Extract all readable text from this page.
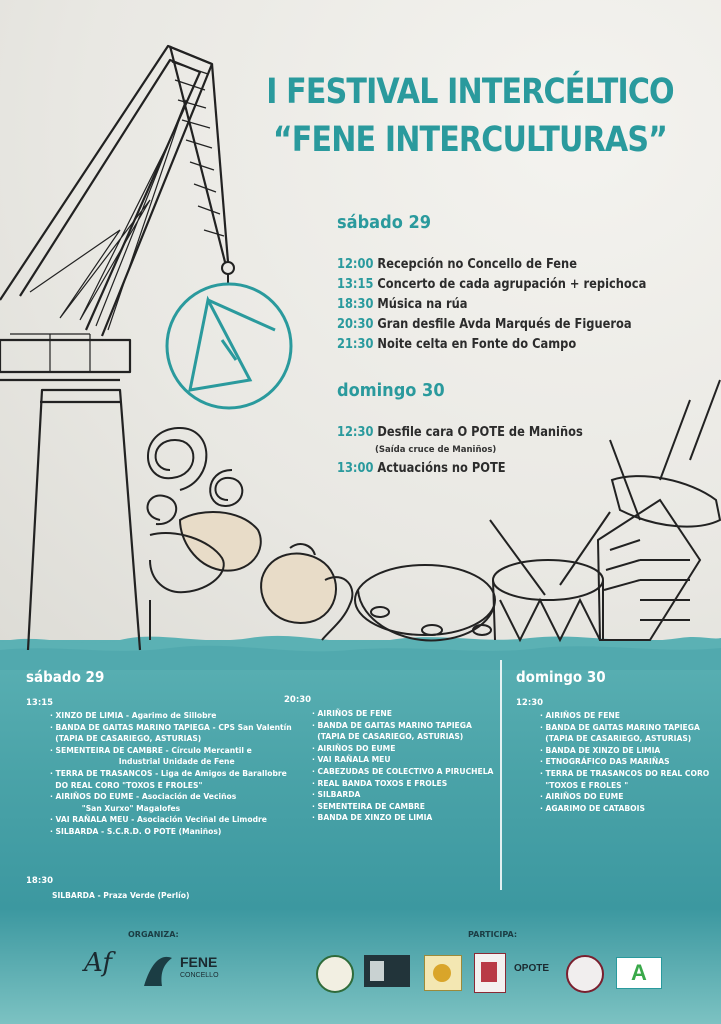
I FESTIVAL INTERCÉLTICO
“FENE INTERCULTURAS”
sábado 29
12:00 Recepción no Concello de Fene
13:15 Concerto de cada agrupación + repichoca
18:30 Música na rúa
20:30 Gran desfile Avda Marqués de Figueroa
21:30 Noite celta en Fonte do Campo
domingo 30
12:30 Desfile cara O POTE de Maniños
(Saída cruce de Maniños)
13:00 Actuacións no POTE
sábado 29	domingo 30
13:15
· XINZO DE LIMIA - Agarimo de Sillobre
· BANDA DE GAITAS MARINO TAPIEGA - CPS San Valentín
(TAPIA DE CASARIEGO, ASTURIAS)
· SEMENTEIRA DE CAMBRE - Círculo Mercantil e
Industrial Unidade de Fene
· TERRA DE TRASANCOS - Liga de Amigos de Barallobre
DO REAL CORO "TOXOS E FROLES"
· AIRIÑOS DO EUME - Asociación de Veciños
"San Xurxo" Magalofes
· VAI RAÑALA MEU - Asociación Veciñal de Limodre
· SILBARDA - S.C.R.D. O POTE (Maniños)
20:30
· AIRIÑOS DE FENE
· BANDA DE GAITAS MARINO TAPIEGA
(TAPIA DE CASARIEGO, ASTURIAS)
· AIRIÑOS DO EUME
· VAI RAÑALA MEU
· CABEZUDAS DE COLECTIVO A PIRUCHELA
· REAL BANDA TOXOS E FROLES
· SILBARDA
· SEMENTEIRA DE CAMBRE
· BANDA DE XINZO DE LIMIA
18:30
SILBARDA - Praza Verde (Perlío)
12:30
· AIRIÑOS DE FENE
· BANDA DE GAITAS MARINO TAPIEGA
(TAPIA DE CASARIEGO, ASTURIAS)
· BANDA DE XINZO DE LIMIA
· ETNOGRÁFICO DAS MARIÑAS
· TERRA DE TRASANCOS DO REAL CORO
"TOXOS E FROLES "
· AIRIÑOS DO EUME
· AGARIMO DE CATABOIS
ORGANIZA:	PARTICIPA:
Af	FENE
CONCELLO
OPOTE	A
